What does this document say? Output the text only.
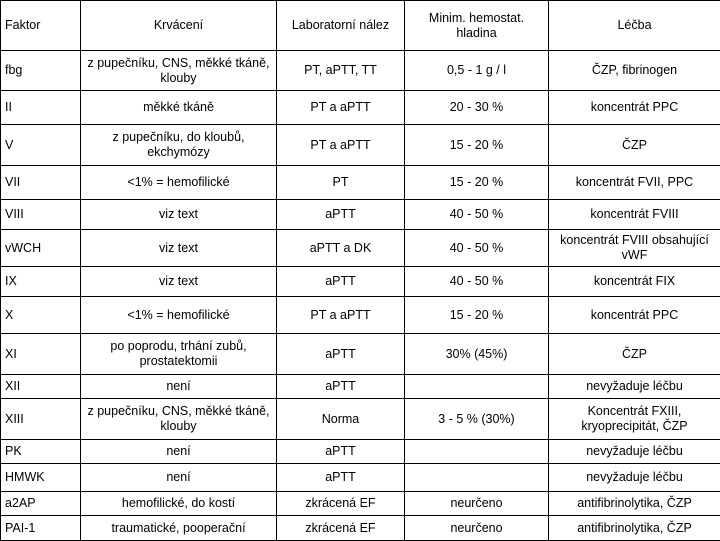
Faktor	Krvácení	Laboratorní nález	Minim. hemostat. hladina	Léčba
fbg	z pupečníku, CNS, měkké tkáně, klouby	PT, aPTT, TT	0,5 - 1 g / l	ČZP, fibrinogen
II	měkké tkáně	PT a aPTT	20 - 30 %	koncentrát PPC
V	z pupečníku, do kloubů, ekchymózy	PT a aPTT	15 - 20 %	ČZP
VII	<1% = hemofilické	PT	15 - 20 %	koncentrát FVII, PPC
VIII	viz text	aPTT	40 - 50 %	koncentrát FVIII
vWCH	viz text	aPTT a DK	40 - 50 %	koncentrát FVIII obsahující vWF
IX	viz text	aPTT	40 - 50 %	koncentrát FIX
X	<1% = hemofilické	PT a aPTT	15 - 20 %	koncentrát PPC
XI	po poprodu, trhání zubů, prostatektomii	aPTT	30% (45%)	ČZP
XII	není	aPTT		nevyžaduje léčbu
XIII	z pupečníku, CNS, měkké tkáně, klouby	Norma	3 - 5 % (30%)	Koncentrát FXIII, kryoprecipitát, ČZP
PK	není	aPTT		nevyžaduje léčbu
HMWK	není	aPTT		nevyžaduje léčbu
a2AP	hemofilické, do kostí	zkrácená EF	neurčeno	antifibrinolytika, ČZP
PAI-1	traumatické, pooperační	zkrácená EF	neurčeno	antifibrinolytika, ČZP
